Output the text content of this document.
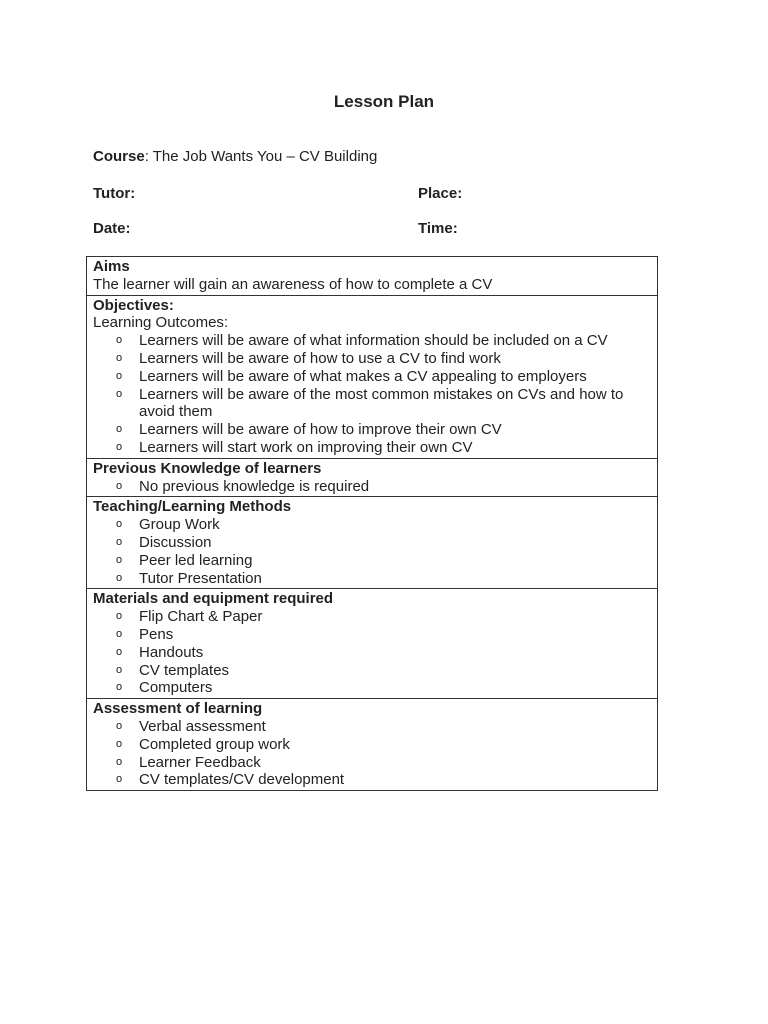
Lesson Plan
Course: The Job Wants You – CV Building
Tutor:	Place:
Date:	Time:
Aims
The learner will gain an awareness of how to complete a CV
Objectives:
Learning Outcomes:
o Learners will be aware of what information should be included on a CV
o Learners will be aware of how to use a CV to find work
o Learners will be aware of what makes a CV appealing to employers
o Learners will be aware of the most common mistakes on CVs and how to avoid them
o Learners will be aware of how to improve their own CV
o Learners will start work on improving their own CV
Previous Knowledge of learners
o No previous knowledge is required
Teaching/Learning Methods
o Group Work
o Discussion
o Peer led learning
o Tutor Presentation
Materials and equipment required
o Flip Chart & Paper
o Pens
o Handouts
o CV templates
o Computers
Assessment of learning
o Verbal assessment
o Completed group work
o Learner Feedback
o CV templates/CV development
